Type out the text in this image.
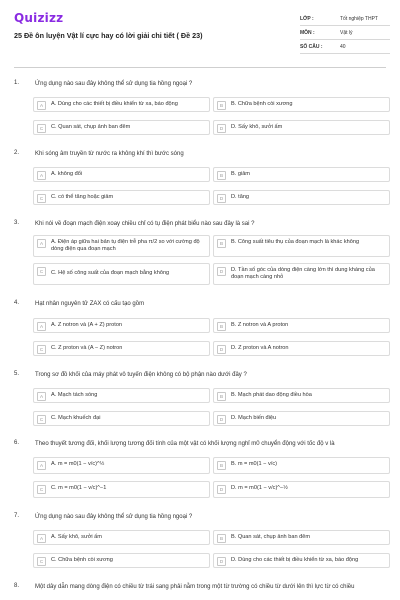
Quizizz
25 Đề ôn luyện Vật lí cực hay có lời giải chi tiết ( Đề 23)
LỚP :	Tốt nghiệp THPT
MÔN :	Vật lý
SỐ CÂU :	40
1.	Ứng dụng nào sau đây không thể sử dụng tia hồng ngoại ?
A	A. Dùng cho các thiết bị điều khiển từ xa, báo động	B	B. Chữa bệnh còi xương
C	C. Quan sát, chụp ảnh ban đêm	D	D. Sấy khô, sưởi ấm
2.	Khi sóng âm truyền từ nước ra không khí thì bước sóng
A	A. không đổi	B	B. giảm
C	C. có thể tăng hoặc giảm	D	D. tăng
3.	Khi nói về đoạn mạch điện xoay chiều chỉ có tụ điện phát biểu nào sau đây là sai ?
A	A. Điện áp giữa hai bản tụ điện trễ pha π/2 so với cường độ dòng điện qua đoạn mạch
B	B. Công suất tiêu thụ của đoạn mạch là khác không
C	C. Hệ số công suất của đoạn mạch bằng không	D	D. Tần số góc của dòng điện càng lớn thì dung kháng của đoạn mạch càng nhỏ
4.	Hạt nhân nguyên tử ZAX có cấu tạo gồm
A	A. Z notron và (A + Z) proton	B	B. Z notron và A proton
C	C. Z proton và (A − Z) notron	D	D. Z proton và A notron
5.	Trong sơ đồ khối của máy phát vô tuyến điện không có bộ phận nào dưới đây ?
A	A. Mạch tách sóng	B	B. Mạch phát dao động điều hòa
C	C. Mạch khuếch đại	D	D. Mạch biến điệu
6.	Theo thuyết tương đối, khối lượng tương đối tính của một vật có khối lượng nghỉ m0 chuyển động với tốc độ v là
A	A. m = m0(1 − v/c)^½	B	B. m = m0(1 − v/c)
C	C. m = m0(1 − v/c)^−1	D	D. m = m0(1 − v/c)^−½
7.	Ứng dụng nào sau đây không thể sử dụng tia hồng ngoại ?
A	A. Sấy khô, sưởi ấm	B	B. Quan sát, chụp ảnh ban đêm
C	C. Chữa bệnh còi xương	D	D. Dùng cho các thiết bị điều khiển từ xa, báo động
8.	Một dây dẫn mang dòng điện có chiều từ trái sang phải nằm trong một từ trường có chiều từ dưới lên thì lực từ có chiều
